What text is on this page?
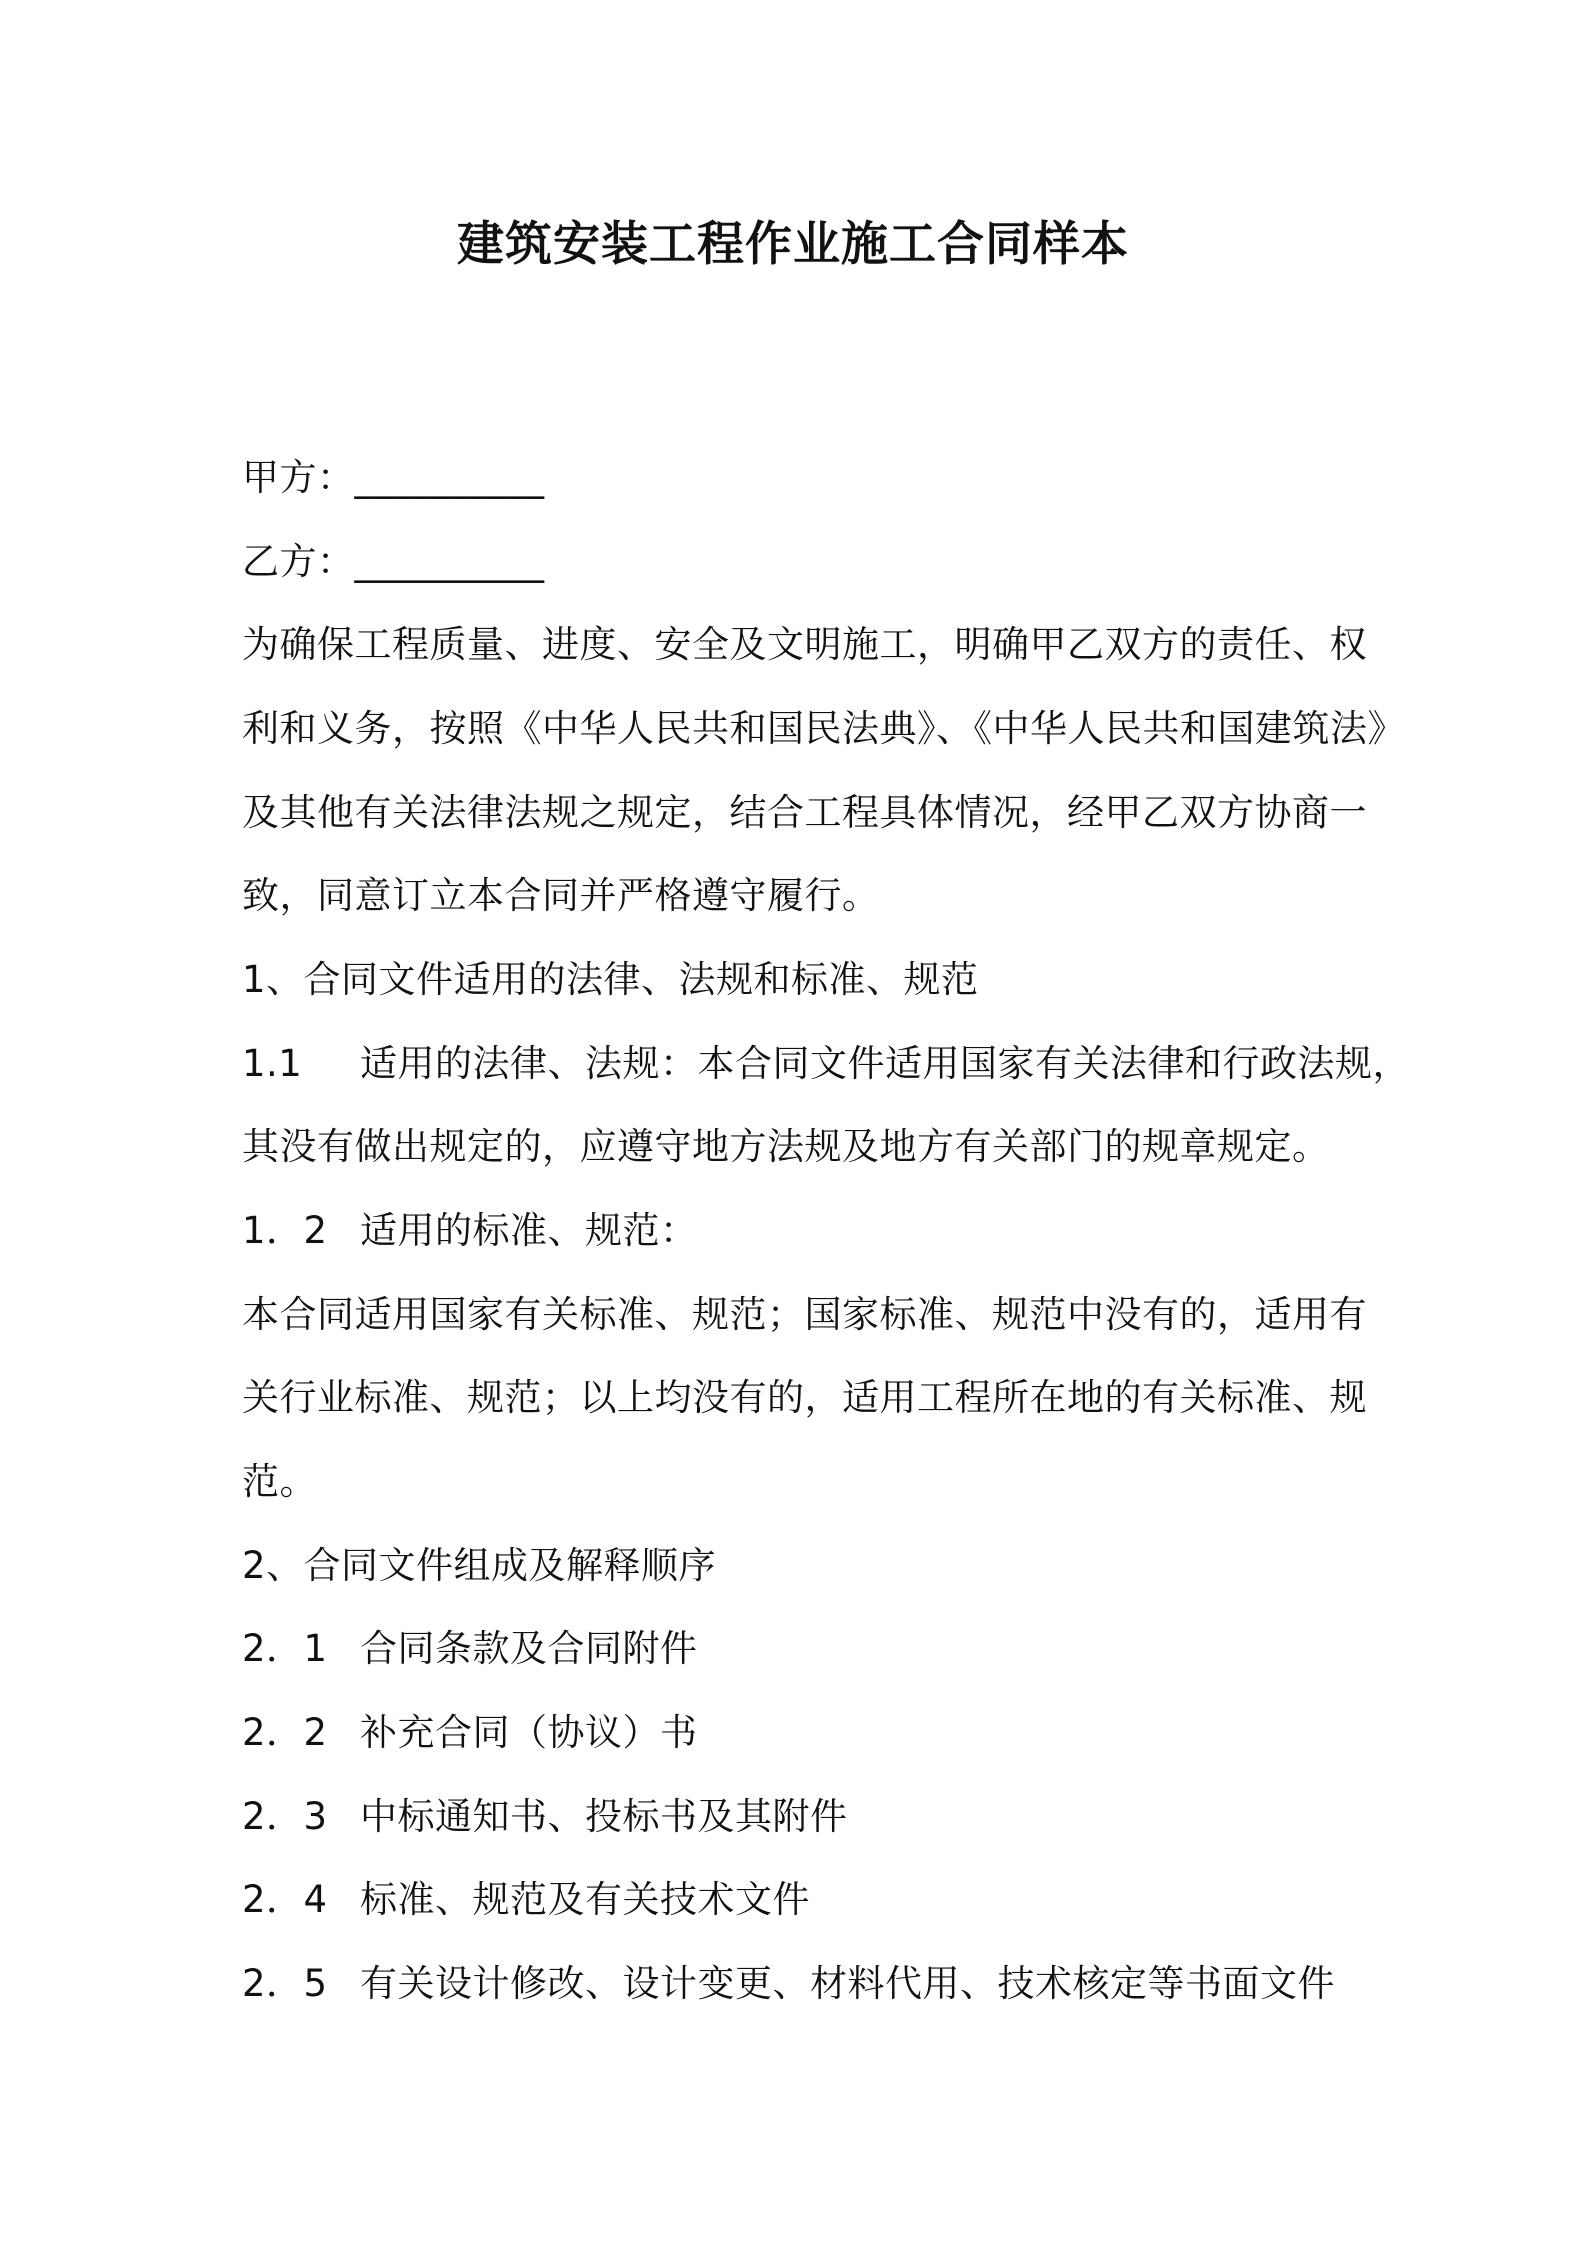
建筑安装工程作业施工合同样本
甲方：__________
乙方：__________
为确保工程质量、进度、安全及文明施工，明确甲乙双方的责任、权
利和义务，按照《中华人民共和国民法典》、《中华人民共和国建筑法》
及其他有关法律法规之规定，结合工程具体情况，经甲乙双方协商一
致，同意订立本合同并严格遵守履行。
1、合同文件适用的法律、法规和标准、规范
1.1 适用的法律、法规：本合同文件适用国家有关法律和行政法规，
其没有做出规定的，应遵守地方法规及地方有关部门的规章规定。
1．2 适用的标准、规范：
本合同适用国家有关标准、规范；国家标准、规范中没有的，适用有
关行业标准、规范；以上均没有的，适用工程所在地的有关标准、规
范。
2、合同文件组成及解释顺序
2．1 合同条款及合同附件
2．2 补充合同（协议）书
2．3 中标通知书、投标书及其附件
2．4 标准、规范及有关技术文件
2．5 有关设计修改、设计变更、材料代用、技术核定等书面文件
